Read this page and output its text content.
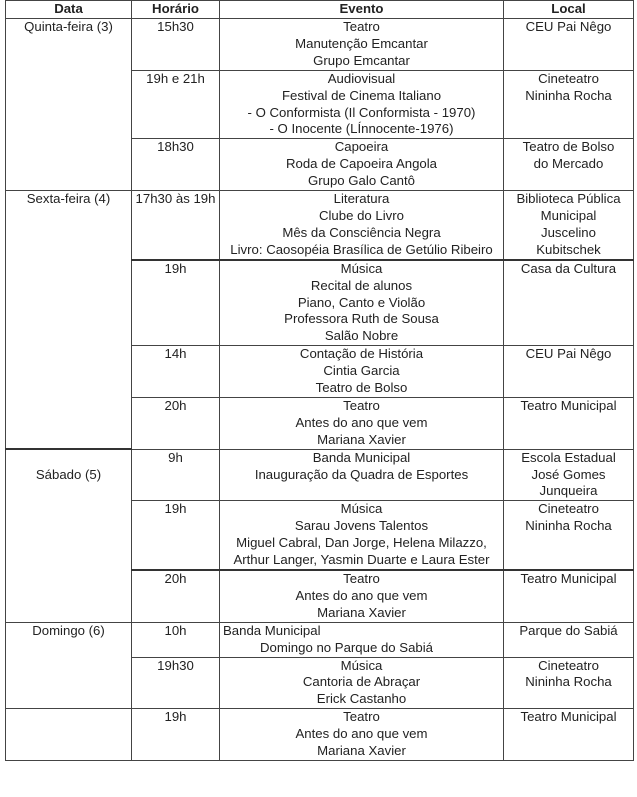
Data	Horário	Evento	Local
Quinta-feira (3)	15h30	Teatro
Manutenção Emcantar
Grupo Emcantar	CEU Pai Nêgo

	19h e 21h	Audiovisual
Festival de Cinema Italiano
- O Conformista (Il Conformista - 1970)
- O Inocente (LÍnnocente-1976)	Cineteatro
Nininha Rocha

	18h30	Capoeira
Roda de Capoeira Angola
Grupo Galo Cantô	Teatro de Bolso
do Mercado

Sexta-feira (4)	17h30 às 19h	Literatura
Clube do Livro
Mês da Consciência Negra
Livro: Caosopéia Brasílica de Getúlio Ribeiro	Biblioteca Pública
Municipal
Juscelino
Kubitschek

	19h	Música
Recital de alunos
Piano, Canto e Violão
Professora Ruth de Sousa
Salão Nobre	Casa da Cultura

	14h	Contação de História
Cintia Garcia
Teatro de Bolso	CEU Pai Nêgo

	20h	Teatro
Antes do ano que vem
Mariana Xavier	Teatro Municipal

Sábado (5)	9h	Banda Municipal
Inauguração da Quadra de Esportes	Escola Estadual
José Gomes
Junqueira

	19h	Música
Sarau Jovens Talentos
Miguel Cabral, Dan Jorge, Helena Milazzo, Arthur Langer, Yasmin Duarte e Laura Ester	Cineteatro
Nininha Rocha

	20h	Teatro
Antes do ano que vem
Mariana Xavier	Teatro Municipal

Domingo (6)	10h	Banda Municipal
Domingo no Parque do Sabiá	Parque do Sabiá

	19h30	Música
Cantoria de Abraçar
Erick Castanho	Cineteatro
Nininha Rocha

	19h	Teatro
Antes do ano que vem
Mariana Xavier	Teatro Municipal
